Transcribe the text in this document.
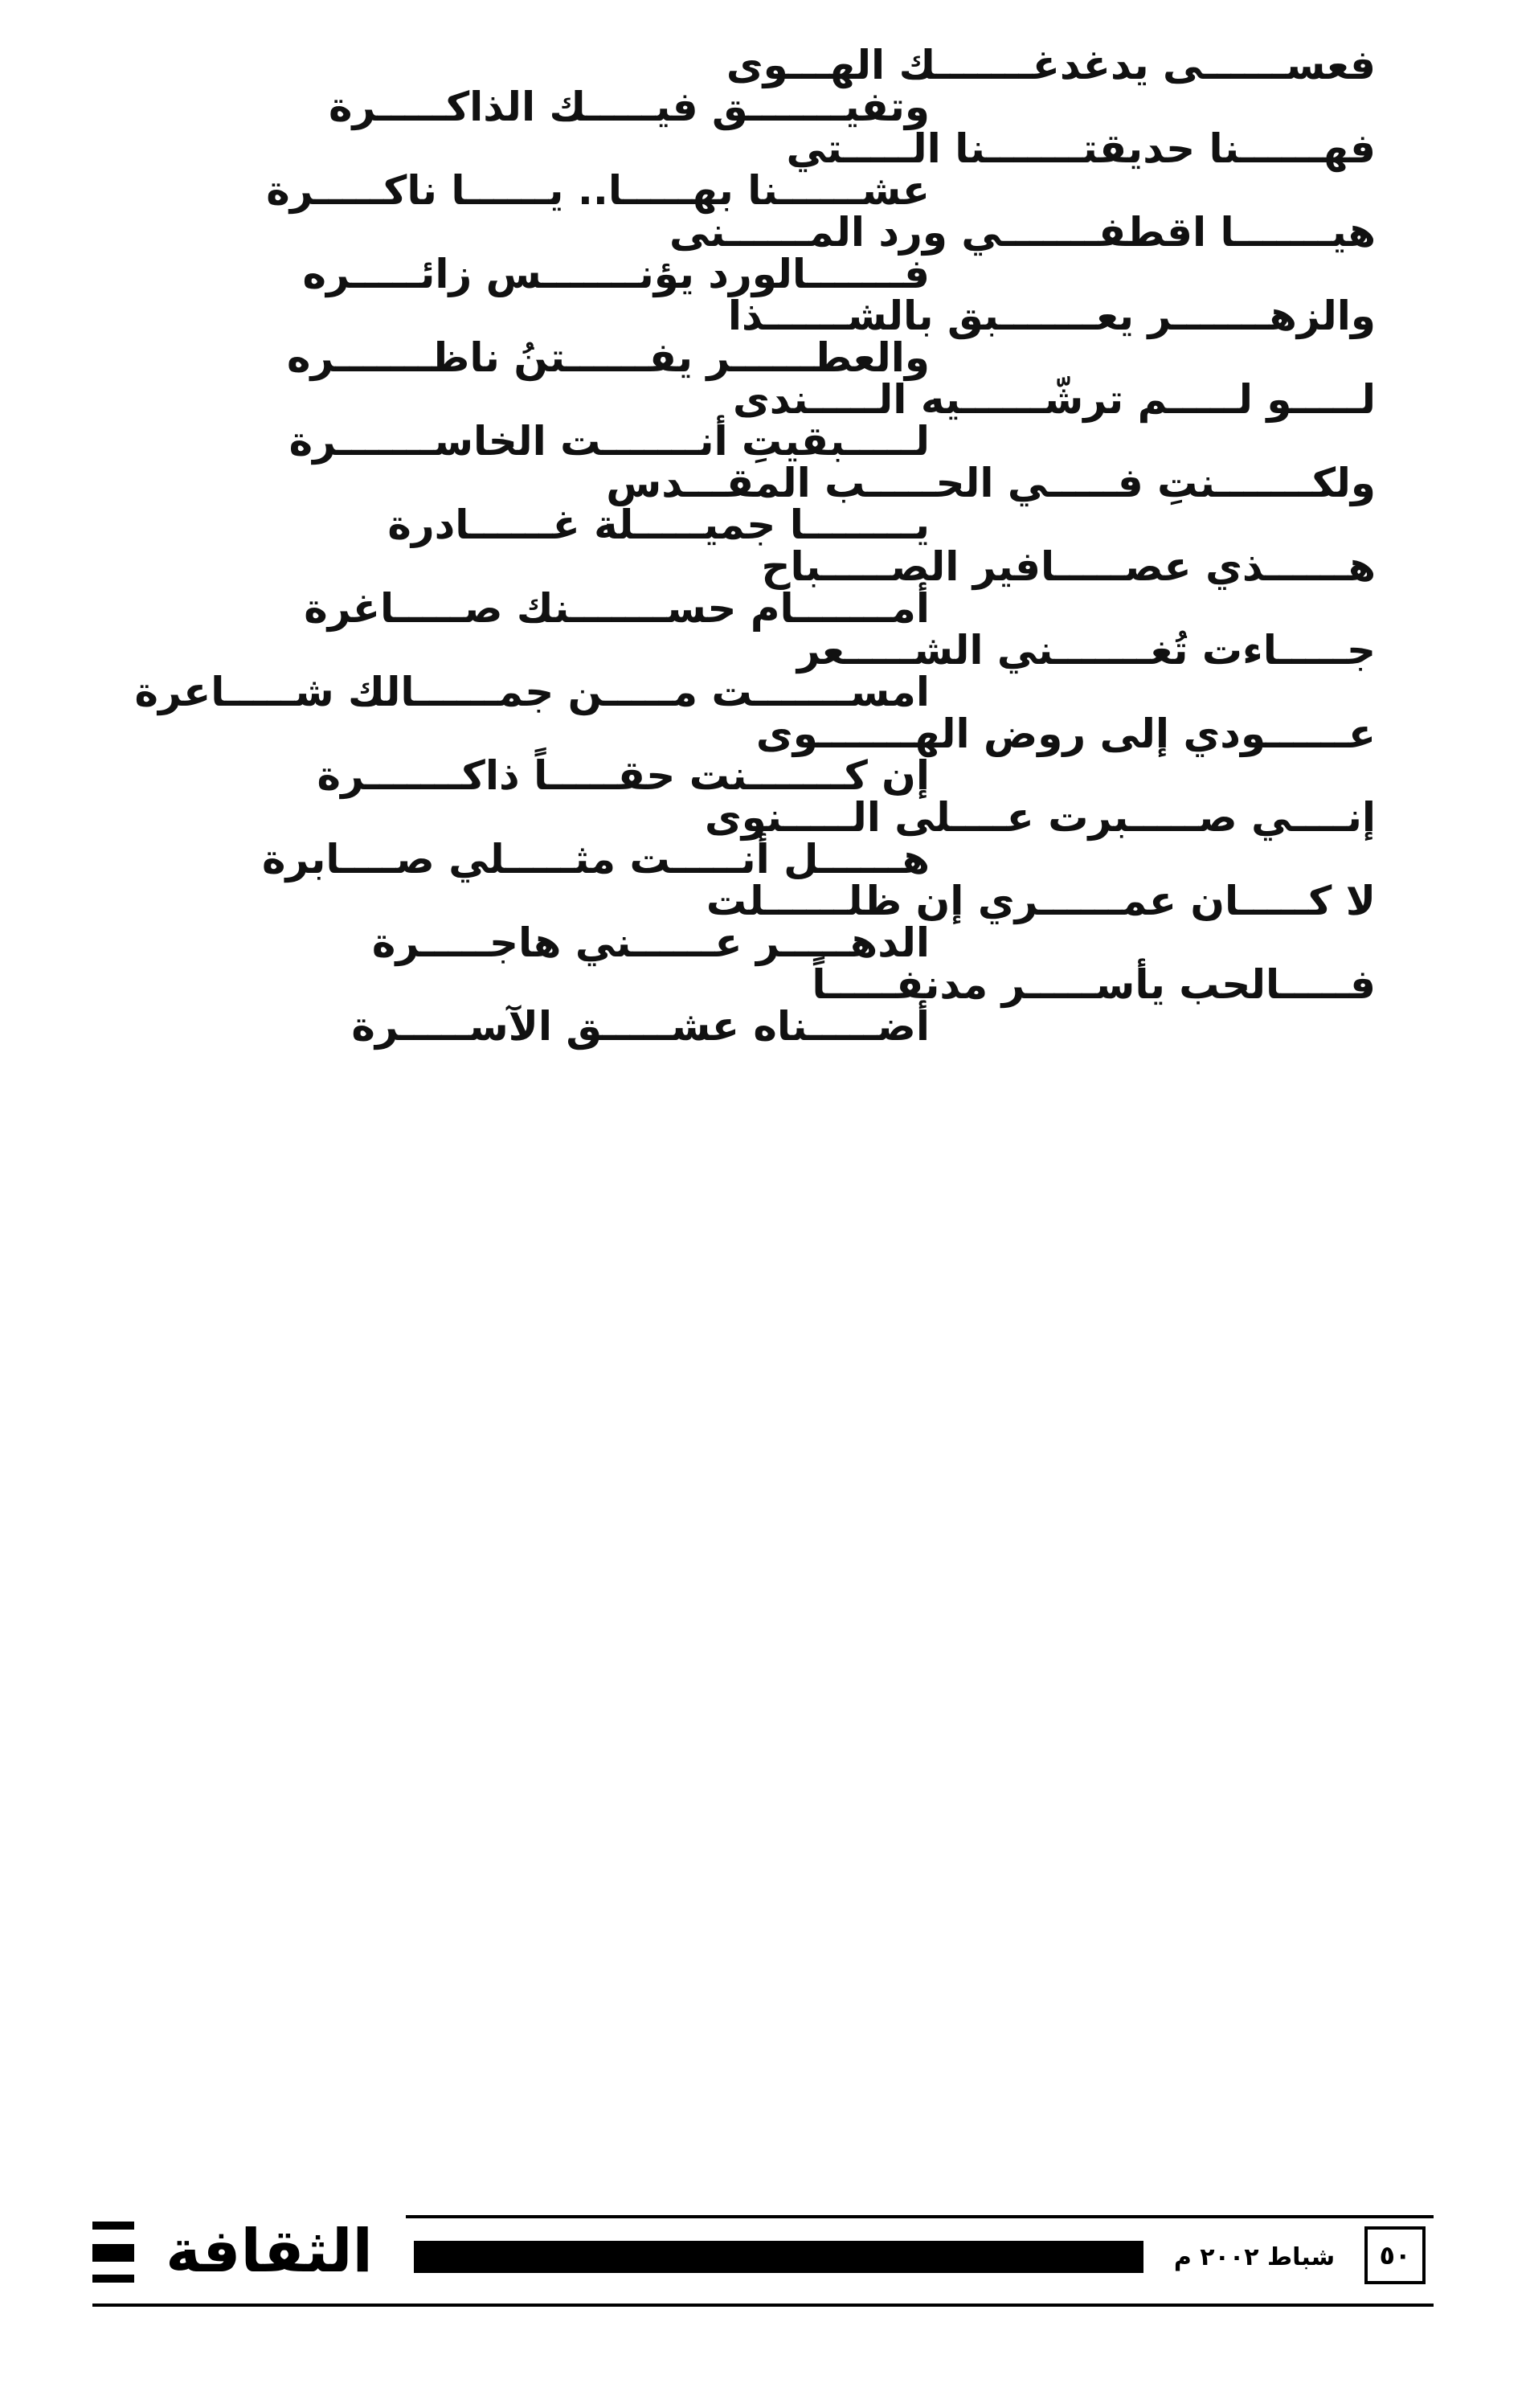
فعســــــى يدغدغـــــــك الهـــوى
وتفيـــــــق فيـــــك الذاكـــــرة
فهــــــنا حديقتـــــــنا الـــــتي
عشــــــنا بهـــــا.. يــــــا ناكـــــرة
هيـــــــا اقطفـــــــي ورد المــــــنى
فـــــــالورد يؤنـــــــس زائـــــره
والزهـــــــر يعـــــــبق بالشــــــذا
والعطــــــر يفــــــتنُ ناظـــــــره
لـــــو لـــــم ترشّــــــيه الـــــندى
لـــــبقيتِ أنـــــــت الخاســـــــرة
ولكـــــــنتِ فـــــي الحـــــب المقـــدس
يــــــــا جميـــــلة غــــــادرة
هــــــذي عصـــــافير الصـــــباح
أمـــــــام حســـــــنك صـــــاغرة
جـــــاءت تُغـــــــني الشـــــعر
امســـــــت مـــــن جمــــــالك شـــــاعرة
عــــــودي إلى روض الهـــــــوى
إن كـــــــنت حقـــــاً ذاكـــــــرة
إنــــي صـــــبرت عــــلى الـــــنوى
هــــــل أنـــــت مثـــــلي صــــابرة
لا كـــــان عمــــــري إن ظلــــــلت
الدهـــــر عــــــني هاجـــــرة
فـــــالحب يأســـــر مدنفـــــاً
أضـــــناه عشـــــق الآســـــرة
الثقافة	شباط ٢٠٠٢ م	٥٠
